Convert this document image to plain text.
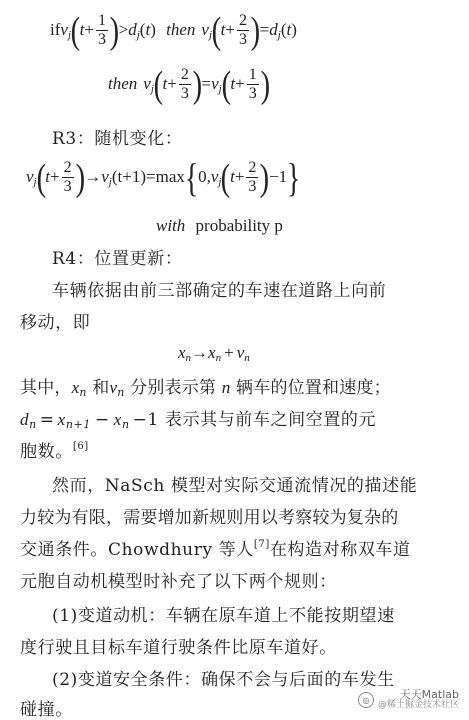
$ifv_j(t+ \frac{1}{3} )>d_j(t)$ then $v_j(t+ \frac{2}{3} )=d_j(t)$
then $v_j(t+ \frac{2}{3} )=v_j(t+ \frac{1}{3}$ )
R3：随机变化：
$v_j(t+ \frac{2}{3} )\to v_j(t+1)=\max\{0,v_j(t+ \frac{2}{3} )-1\}$
with probability p
R4：位置更新：
车辆依据由前三部确定的车速在道路上向前
移动，即
$x_n\to x_n + v_n$
其中，$x_n$ 和$v_n$ 分别表示第 n 辆车的位置和速度；
$d_n = x_{n+1} - x_n -1$ 表示其与前车之间空置的元
胞数。[6]
然而，NaSch 模型对实际交通流情况的描述能
力较为有限，需要增加新规则用以考察较为复杂的
交通条件。Chowdhury 等人[7]在构造对称双车道
元胞自动机模型时补充了以下两个规则：
(1)变道动机：车辆在原车道上不能按期望速
度行驶且目标车道行驶条件比原车道好。
(2)变道安全条件：确保不会与后面的车发生
碰撞。	◎	天天Matlab
@稀土掘金技术社区
